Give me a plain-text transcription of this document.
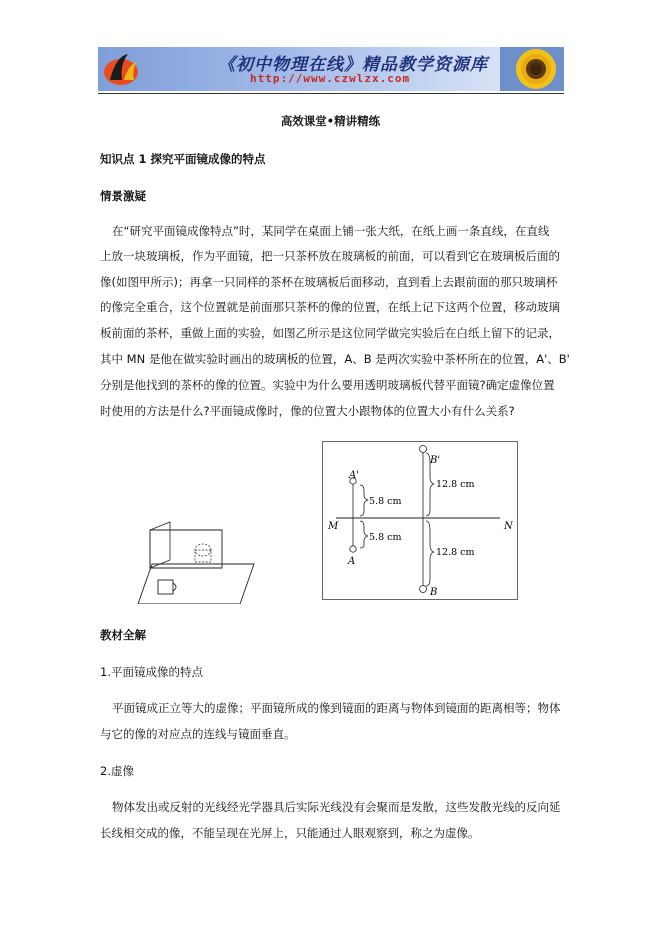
《初中物理在线》精品教学资源库
http://www.czwlzx.com
高效课堂•精讲精练
知识点 1 探究平面镜成像的特点
情景激疑
在“研究平面镜成像特点”时，某同学在桌面上铺一张大纸，在纸上画一条直线，在直线
上放一块玻璃板，作为平面镜，把一只茶杯放在玻璃板的前面，可以看到它在玻璃板后面的
像(如图甲所示)；再拿一只同样的茶杯在玻璃板后面移动，直到看上去跟前面的那只玻璃杯
的像完全重合，这个位置就是前面那只茶杯的像的位置，在纸上记下这两个位置，移动玻璃
板前面的茶杯，重做上面的实验，如图乙所示是这位同学做完实验后在白纸上留下的记录，
其中 MN 是他在做实验时画出的玻璃板的位置，A、B 是两次实验中茶杯所在的位置，A'、B'
分别是他找到的茶杯的像的位置。实验中为什么要用透明玻璃板代替平面镜?确定虚像位置
时使用的方法是什么?平面镜成像时，像的位置大小跟物体的位置大小有什么关系?
A'
A
B'
B
M	N
5.8 cm
5.8 cm
12.8 cm
12.8 cm
教材全解
1.平面镜成像的特点
平面镜成正立等大的虚像；平面镜所成的像到镜面的距离与物体到镜面的距离相等；物体
与它的像的对应点的连线与镜面垂直。
2.虚像
物体发出或反射的光线经光学器具后实际光线没有会聚而是发散，这些发散光线的反向延
长线相交成的像，不能呈现在光屏上，只能通过人眼观察到，称之为虚像。
